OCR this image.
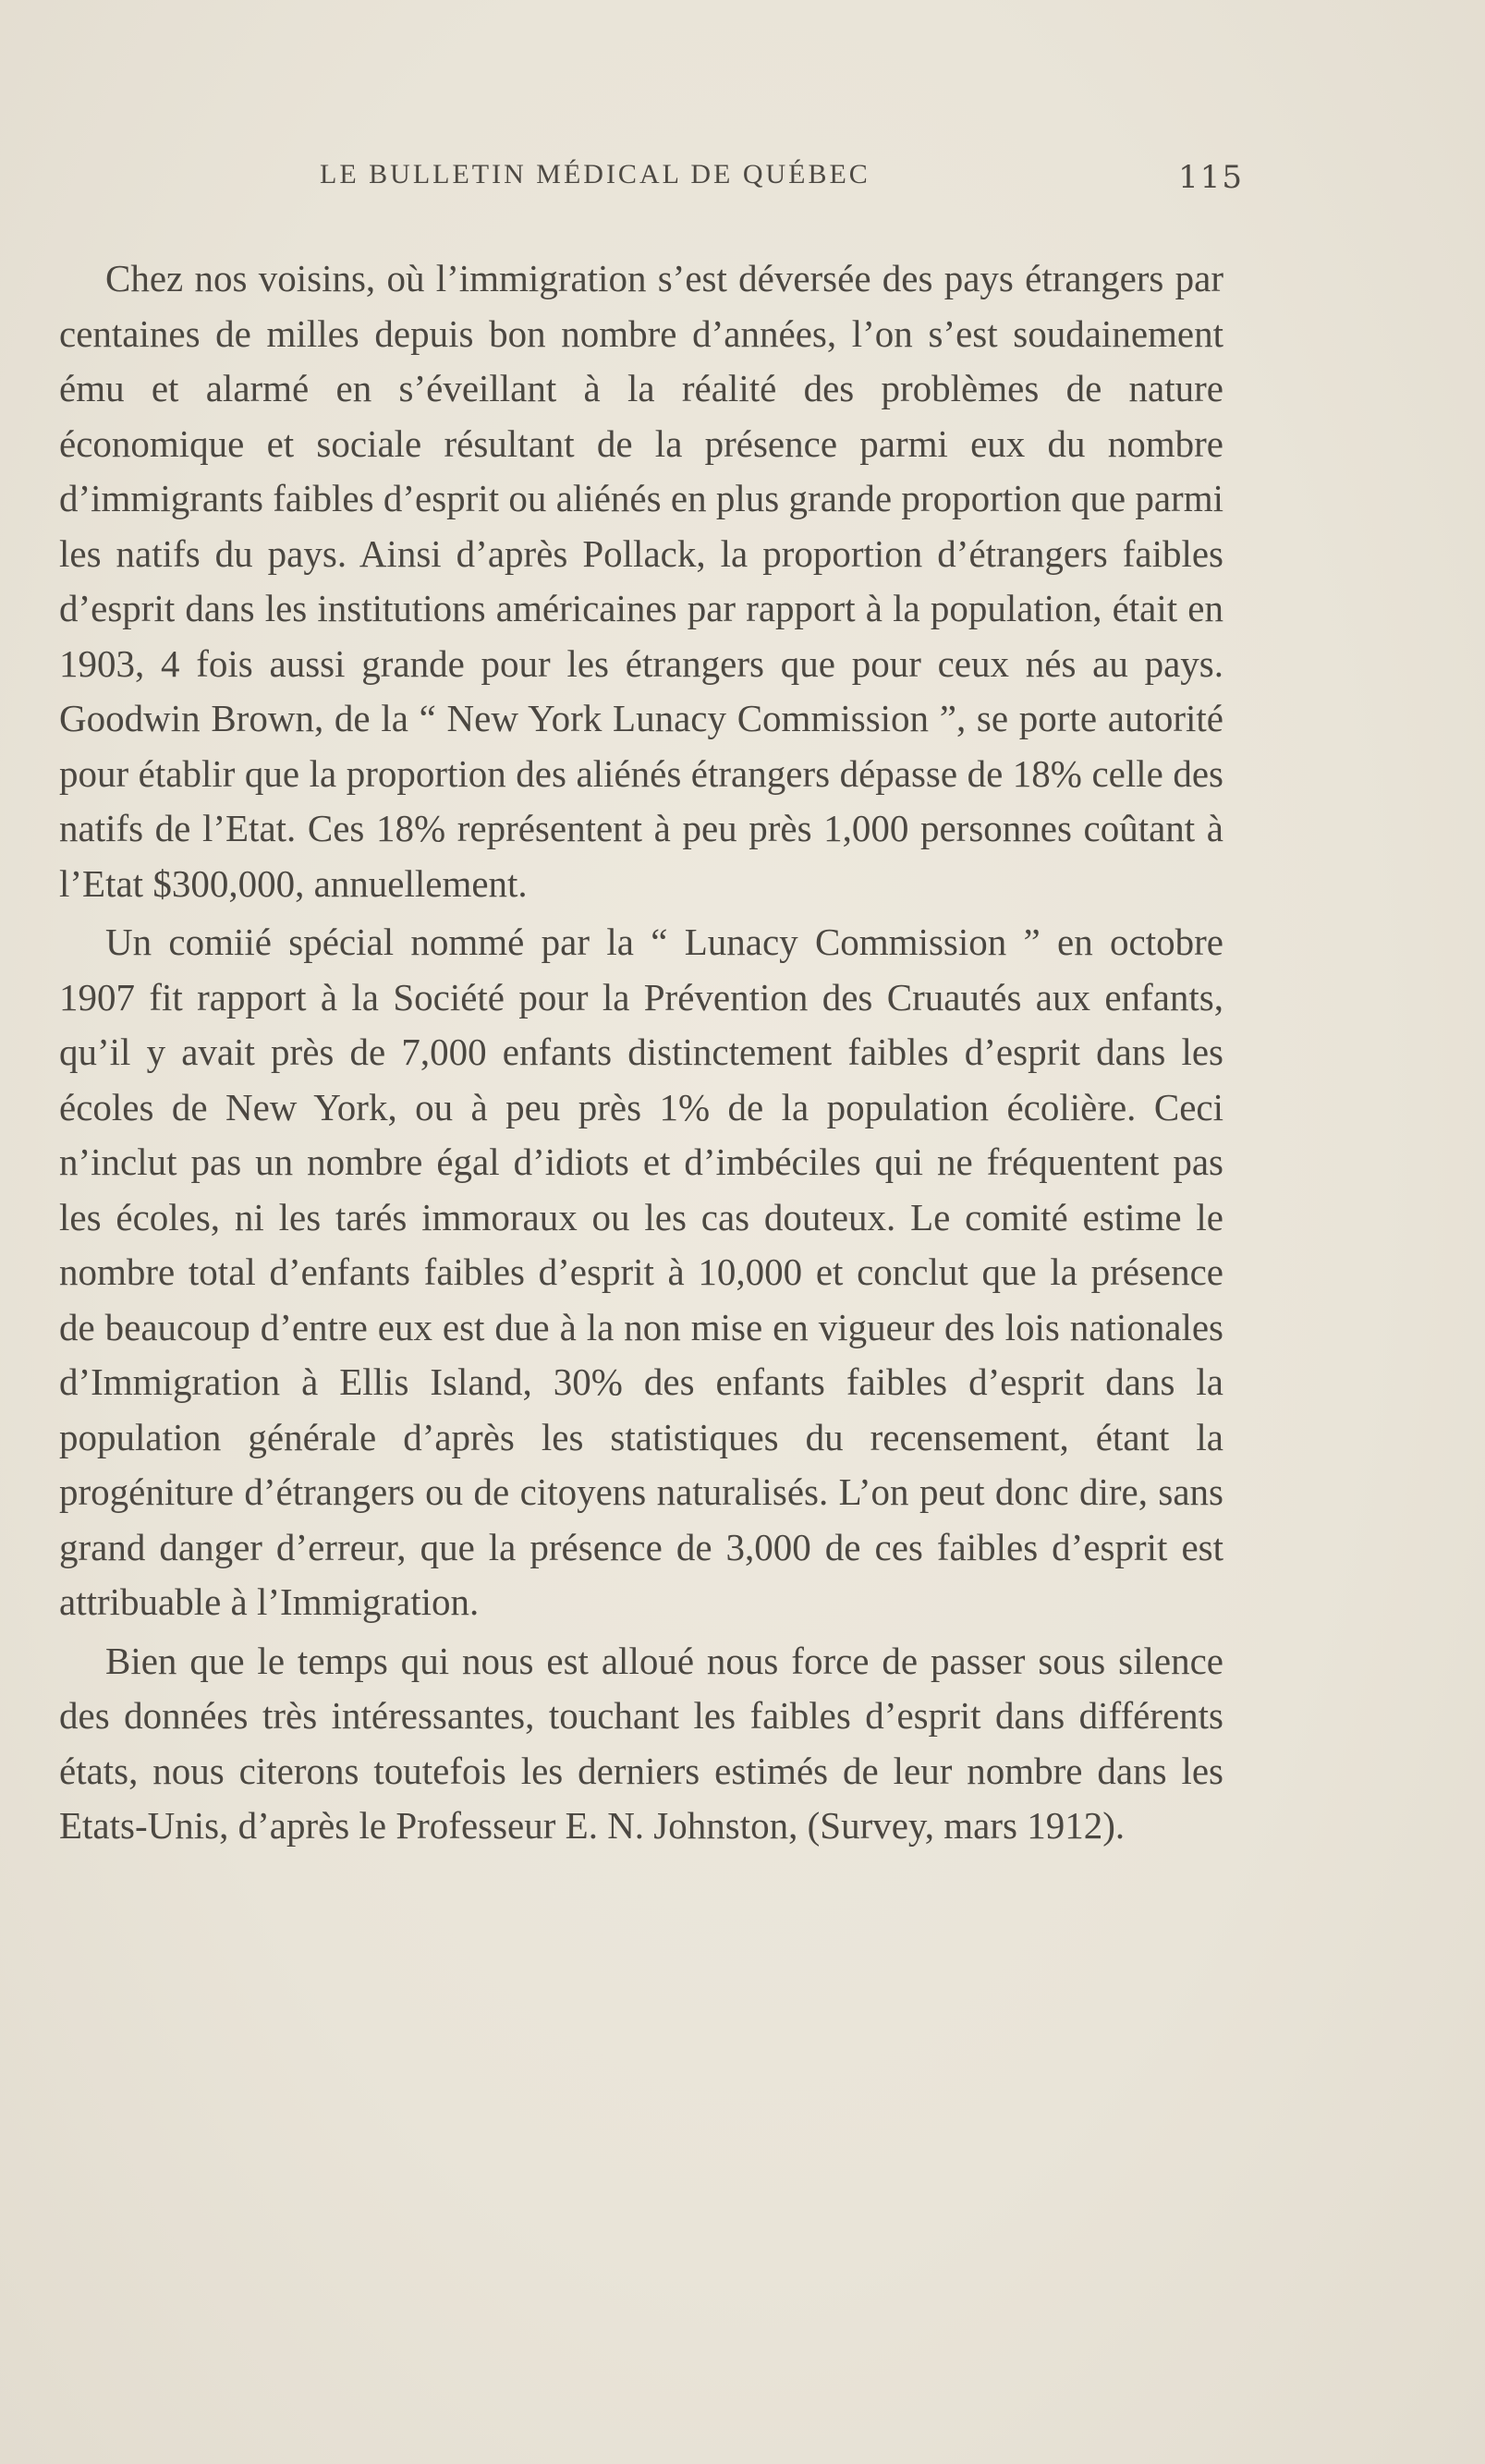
LE BULLETIN MÉDICAL DE QUÉBEC	115

Chez nos voisins, où l’immigration s’est déversée des pays étrangers par centaines de milles depuis bon nombre d’années, l’on s’est soudainement ému et alarmé en s’éveillant à la réalité des problèmes de nature économique et sociale résultant de la présence parmi eux du nombre d’immigrants faibles d’esprit ou aliénés en plus grande proportion que parmi les natifs du pays. Ainsi d’après Pollack, la proportion d’étrangers faibles d’esprit dans les institutions américaines par rapport à la population, était en 1903, 4 fois aussi grande pour les étrangers que pour ceux nés au pays. Goodwin Brown, de la “ New York Lunacy Commission ”, se porte autorité pour établir que la proportion des aliénés étrangers dépasse de 18% celle des natifs de l’Etat. Ces 18% représentent à peu près 1,000 personnes coûtant à l’Etat $300,000, annuellement.

Un comiié spécial nommé par la “ Lunacy Commission ” en octobre 1907 fit rapport à la Société pour la Prévention des Cruautés aux enfants, qu’il y avait près de 7,000 enfants distinctement faibles d’esprit dans les écoles de New York, ou à peu près 1% de la population écolière. Ceci n’inclut pas un nombre égal d’idiots et d’imbéciles qui ne fréquentent pas les écoles, ni les tarés immoraux ou les cas douteux. Le comité estime le nombre total d’enfants faibles d’esprit à 10,000 et conclut que la présence de beaucoup d’entre eux est due à la non mise en vigueur des lois nationales d’Immigration à Ellis Island, 30% des enfants faibles d’esprit dans la population générale d’après les statistiques du recensement, étant la progéniture d’étrangers ou de citoyens naturalisés. L’on peut donc dire, sans grand danger d’erreur, que la présence de 3,000 de ces faibles d’esprit est attribuable à l’Immigration.

Bien que le temps qui nous est alloué nous force de passer sous silence des données très intéressantes, touchant les faibles d’esprit dans différents états, nous citerons toutefois les derniers estimés de leur nombre dans les Etats-Unis, d’après le Professeur E. N. Johnston, (Survey, mars 1912).
